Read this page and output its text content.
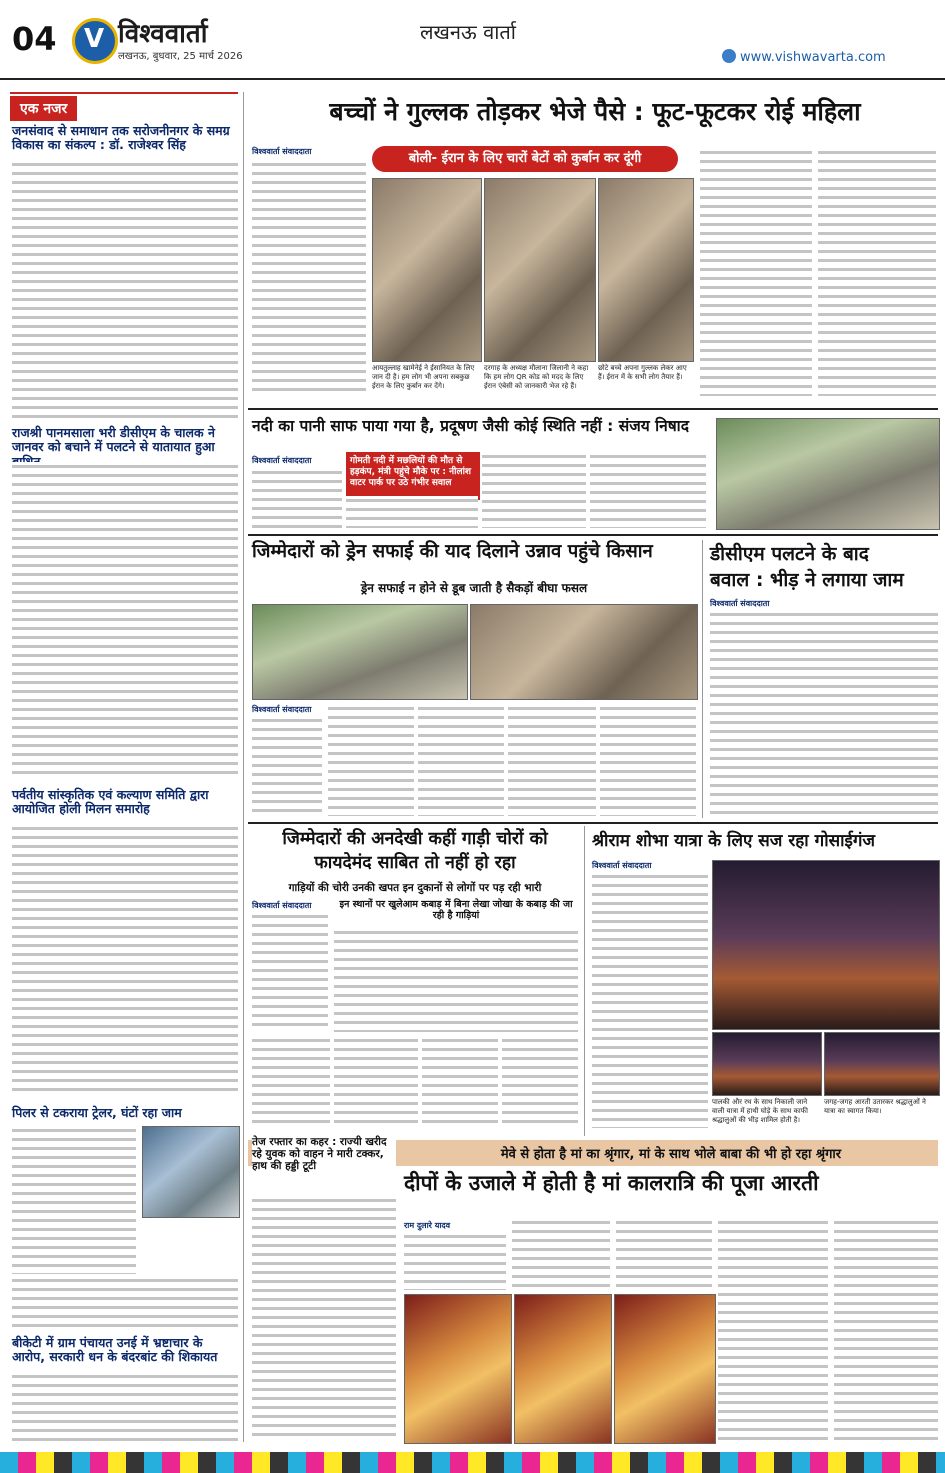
04 V विश्ववार्ता
लखनऊ, बुधवार, 25 मार्च 2026
लखनऊ वार्ता
www.vishwavarta.com
एक नजर
जनसंवाद से समाधान तक सरोजनीनगर के समग्र विकास का संकल्प : डॉ. राजेश्वर सिंह
राजश्री पानमसाला भरी डीसीएम के चालक ने जानवर को बचाने में पलटने से यातायात हुआ
पर्वतीय सांस्कृतिक एवं कल्याण समिति द्वारा आयोजित होली मिलन समारोह
पिलर से टकराया ट्रेलर, घंटों रहा जाम
बीकेटी में ग्राम पंचायत उनई में भ्रष्टाचार के आरोप, सरकारी धन के बंदरबांट की शिकायत
बच्चों ने गुल्लक तोड़कर भेजे पैसे : फूट-फूटकर रोई महिला
विश्ववार्ता संवाददाता	बोली- ईरान के लिए चारों बेटों को कुर्बान कर दूंगी
आयतुल्लाह खामेनेई ने ईसानियत के लिए जान दी है। हम लोग भी अपना सबकुछ ईरान के लिए कुर्बान कर देंगे।
दरगाह के अध्यक्ष मौलाना जिलानी ने कहा कि हम लोग QR कोड को मदद के लिए ईरान एंबेसी को जानकारी भेज रहे हैं।
छोटे बच्चे अपना गुल्लक लेकर आए हैं। ईरान में के सभी लोग तैयार हैं।
नदी का पानी साफ पाया गया है, प्रदूषण जैसी कोई स्थिति नहीं : संजय निषाद
विश्ववार्ता संवाददाता	गोमती नदी में मछलियों की मौत से हड़कंप, मंत्री पहुंचे मौके पर : नीलांश वाटर पार्क पर उठे गंभीर सवाल
जिम्मेदारों को ड्रेन सफाई की याद दिलाने उन्नाव पहुंचे किसान
ड्रेन सफाई न होने से डूब जाती है सैकड़ों बीघा फसल
विश्ववार्ता संवाददाता
डीसीएम पलटने के बाद
बवाल : भीड़ ने लगाया जाम
विश्ववार्ता संवाददाता
जिम्मेदारों की अनदेखी कहीं गाड़ी चोरों को
फायदेमंद साबित तो नहीं हो रहा
गाड़ियों की चोरी उनकी खपत इन दुकानों से लोगों पर पड़ रही भारी
विश्ववार्ता संवाददाता	इन स्थानों पर खुलेआम कबाड़ में बिना लेखा जोखा के कबाड़ की जा रही है गाड़ियां
श्रीराम शोभा यात्रा के लिए सज रहा गोसाईगंज
विश्ववार्ता संवाददाता
पालकी और रथ के साथ निकाली जाने वाली यात्रा में हाथी घोड़े के साथ काफी श्रद्धालुओं की भीड़ शामिल होती है।
जगह-जगह आरती उतारकर श्रद्धालुओं ने यात्रा का स्वागत किया।
मेवे से होता है मां का श्रृंगार, मां के साथ भोले बाबा की भी हो रहा श्रृंगार
तेज रफ्तार का कहर : राज्यी खरीद रहे युवक को वाहन ने मारी टक्कर, हाथ की हड्डी टूटी
दीपों के उजाले में होती है मां कालरात्रि की पूजा आरती
राम दुलारे यादव
